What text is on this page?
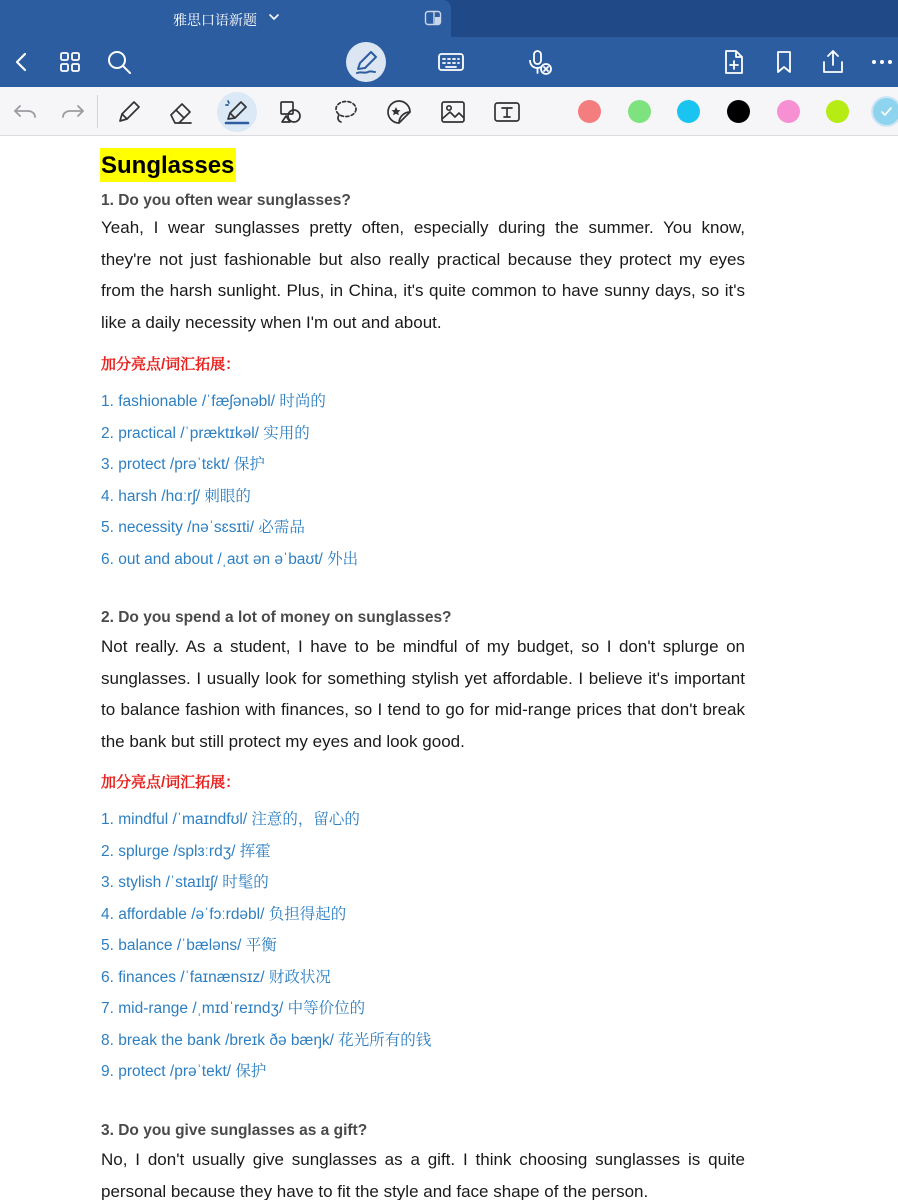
雅思口语新题
Sunglasses
1. Do you often wear sunglasses?
Yeah, I wear sunglasses pretty often, especially during the summer. You know, they're not just fashionable but also really practical because they protect my eyes from the harsh sunlight. Plus, in China, it's quite common to have sunny days, so it's like a daily necessity when I'm out and about.
加分亮点/词汇拓展：
1. fashionable /ˈfæʃənəbl/ 时尚的
2. practical /ˈpræktɪkəl/ 实用的
3. protect /prəˈtɛkt/ 保护
4. harsh /hɑːrʃ/ 刺眼的
5. necessity /nəˈsɛsɪti/ 必需品
6. out and about /ˌaʊt ən əˈbaʊt/ 外出
2. Do you spend a lot of money on sunglasses?
Not really. As a student, I have to be mindful of my budget, so I don't splurge on sunglasses. I usually look for something stylish yet affordable. I believe it's important to balance fashion with finances, so I tend to go for mid-range prices that don't break the bank but still protect my eyes and look good.
加分亮点/词汇拓展：
1. mindful /ˈmaɪndfʊl/ 注意的，留心的
2. splurge /splɜːrdʒ/ 挥霍
3. stylish /ˈstaɪlɪʃ/ 时髦的
4. affordable /əˈfɔːrdəbl/ 负担得起的
5. balance /ˈbæləns/ 平衡
6. finances /ˈfaɪnænsɪz/ 财政状况
7. mid-range /ˌmɪdˈreɪndʒ/ 中等价位的
8. break the bank /breɪk ðə bæŋk/ 花光所有的钱
9. protect /prəˈtekt/ 保护
3. Do you give sunglasses as a gift?
No, I don't usually give sunglasses as a gift. I think choosing sunglasses is quite personal because they have to fit the style and face shape of the person.
